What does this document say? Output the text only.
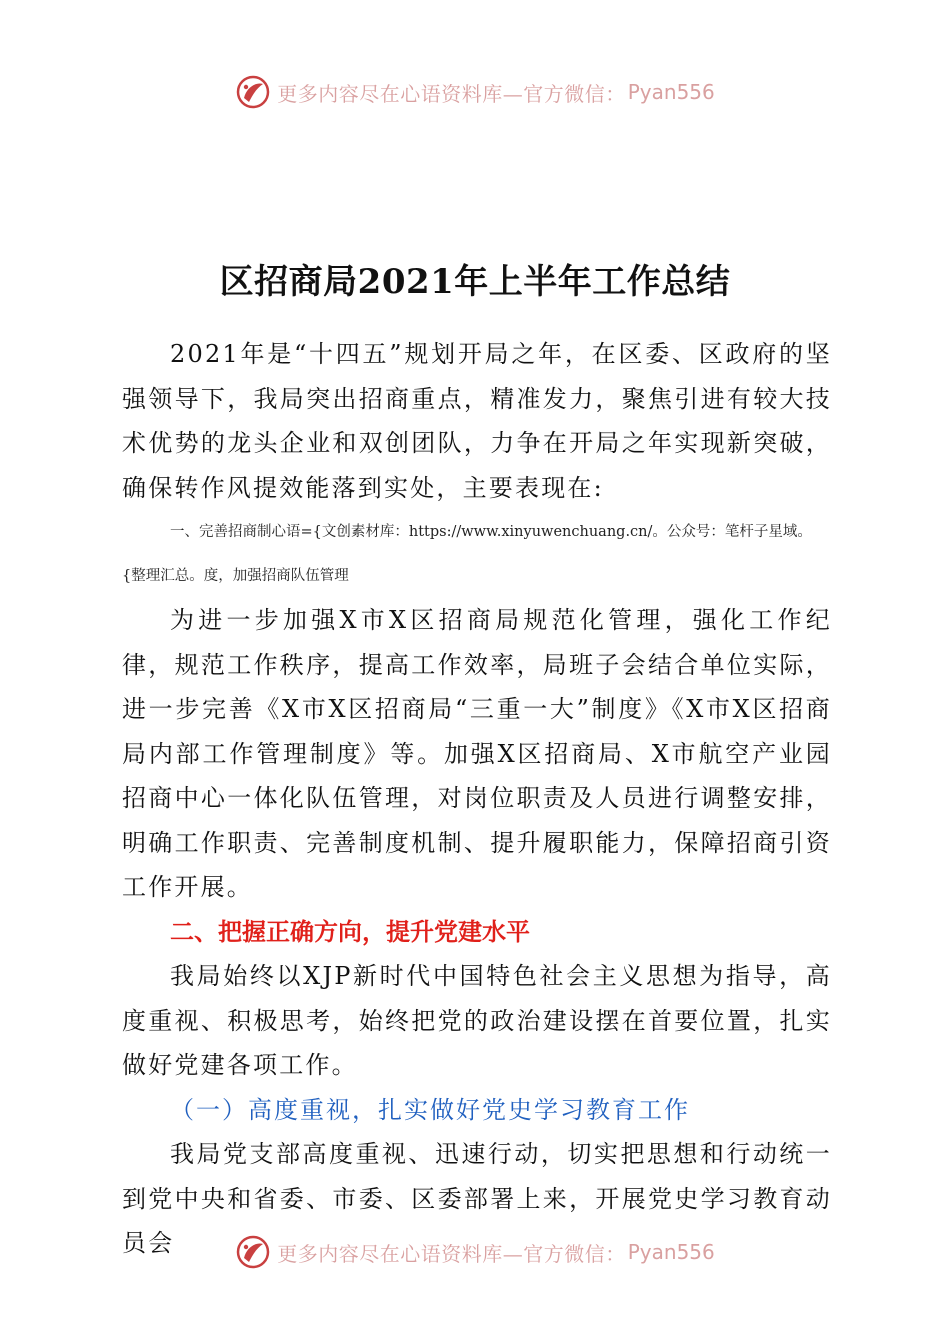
更多内容尽在心语资料库—官方微信： Pyan556
区招商局2021年上半年工作总结

2021年是“十四五”规划开局之年，在区委、区政府的坚强领导下，我局突出招商重点，精准发力，聚焦引进有较大技术优势的龙头企业和双创团队，力争在开局之年实现新突破，确保转作风提效能落到实处，主要表现在:

一、完善招商制心语={文创素材库：https://www.xinyuwenchuang.cn/。公众号：笔杆子星域。

{整理汇总。度，加强招商队伍管理

为进一步加强X市X区招商局规范化管理，强化工作纪律，规范工作秩序，提高工作效率，局班子会结合单位实际，进一步完善《X市X区招商局“三重一大”制度》《X市X区招商局内部工作管理制度》等。加强X区招商局、X市航空产业园招商中心一体化队伍管理，对岗位职责及人员进行调整安排，明确工作职责、完善制度机制、提升履职能力，保障招商引资工作开展。

二、把握正确方向，提升党建水平

我局始终以XJP新时代中国特色社会主义思想为指导，高度重视、积极思考，始终把党的政治建设摆在首要位置，扎实做好党建各项工作。

（一）高度重视，扎实做好党史学习教育工作

我局党支部高度重视、迅速行动，切实把思想和行动统一到党中央和省委、市委、区委部署上来，开展党史学习教育动员会	更多内容尽在心语资料库—官方微信： Pyan556
